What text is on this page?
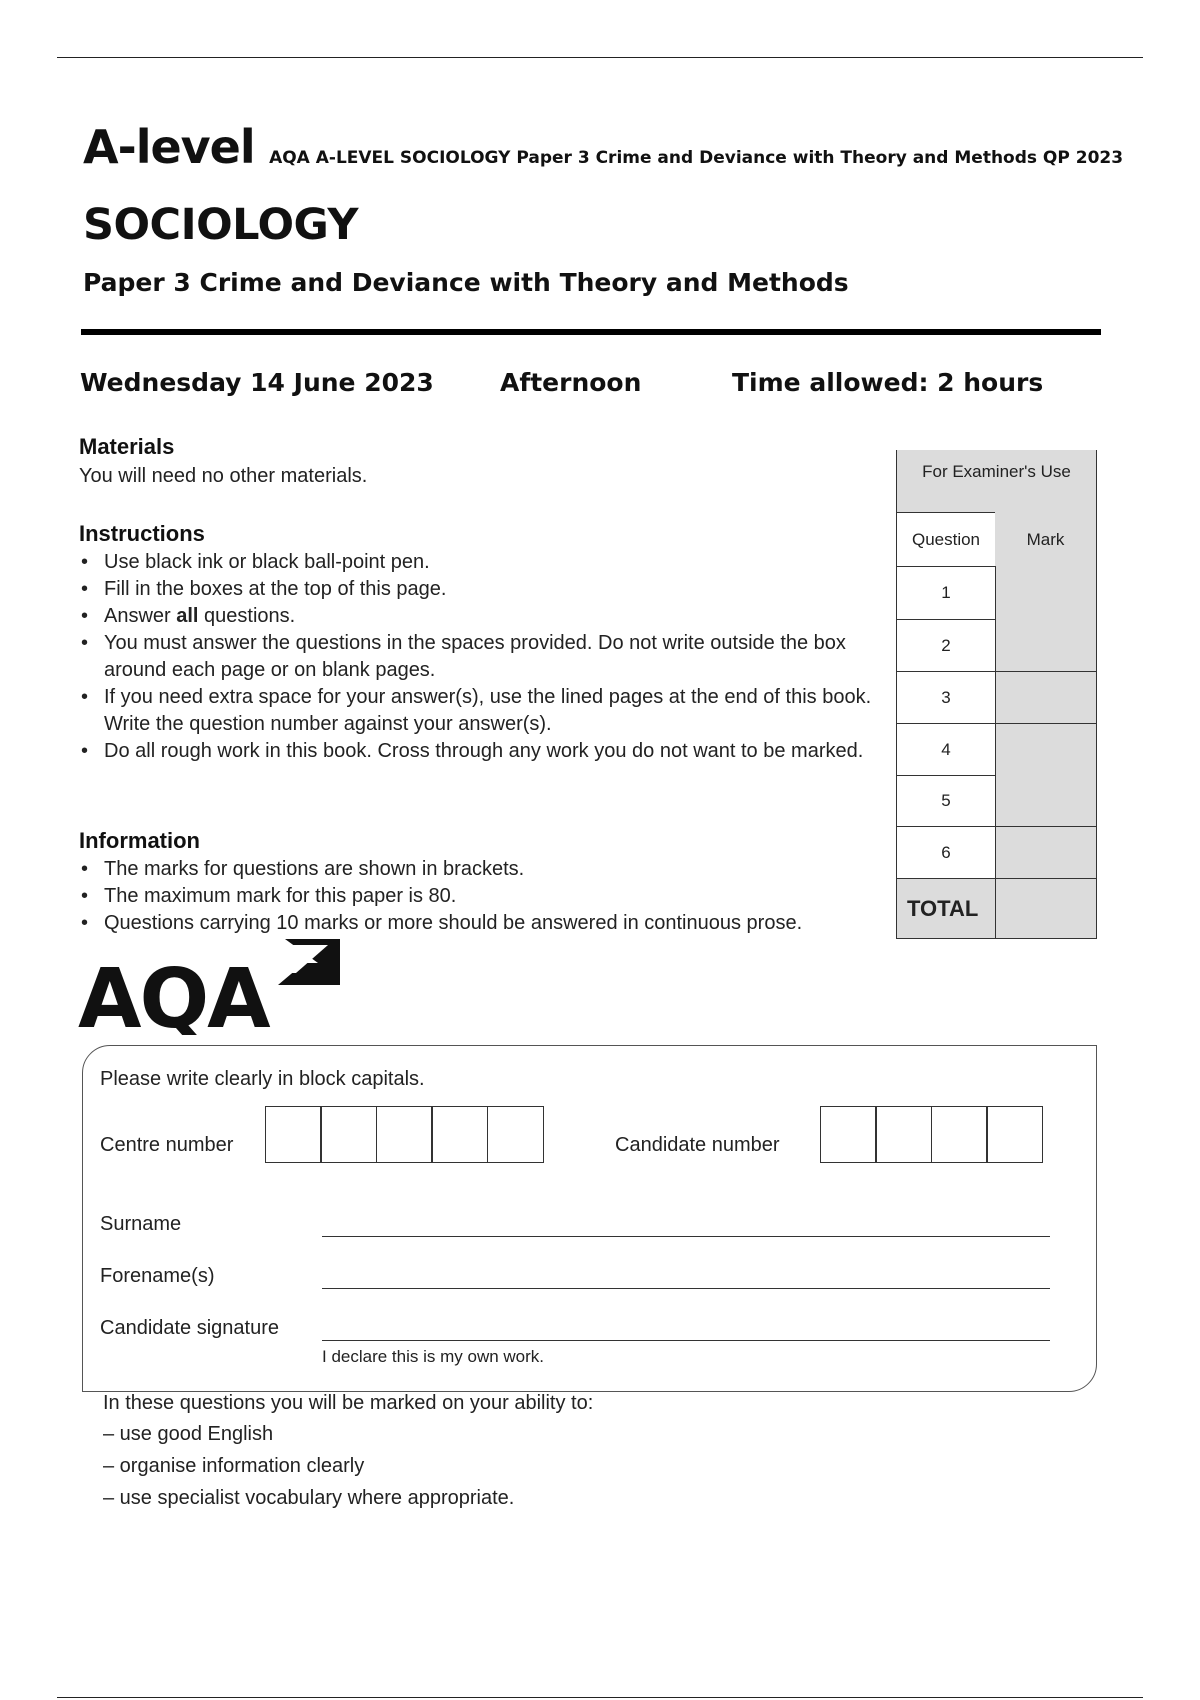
A-level AQA A-LEVEL SOCIOLOGY Paper 3 Crime and Deviance with Theory and Methods QP 2023
SOCIOLOGY
Paper 3 Crime and Deviance with Theory and Methods
Wednesday 14 June 2023	Afternoon	Time allowed: 2 hours
Materials
You will need no other materials.
Instructions
• Use black ink or black ball-point pen.
• Fill in the boxes at the top of this page.
• Answer all questions.
• You must answer the questions in the spaces provided. Do not write outside the box around each page or on blank pages.
• If you need extra space for your answer(s), use the lined pages at the end of this book. Write the question number against your answer(s).
• Do all rough work in this book. Cross through any work you do not want to be marked.
Information
• The marks for questions are shown in brackets.
• The maximum mark for this paper is 80.
• Questions carrying 10 marks or more should be answered in continuous prose.
For Examiner's Use
Question	Mark
1
2
3
4
5
6
TOTAL
AQA
Please write clearly in block capitals.
Centre number	Candidate number
Surname
Forename(s)
Candidate signature
I declare this is my own work.
In these questions you will be marked on your ability to:
– use good English
– organise information clearly
– use specialist vocabulary where appropriate.
